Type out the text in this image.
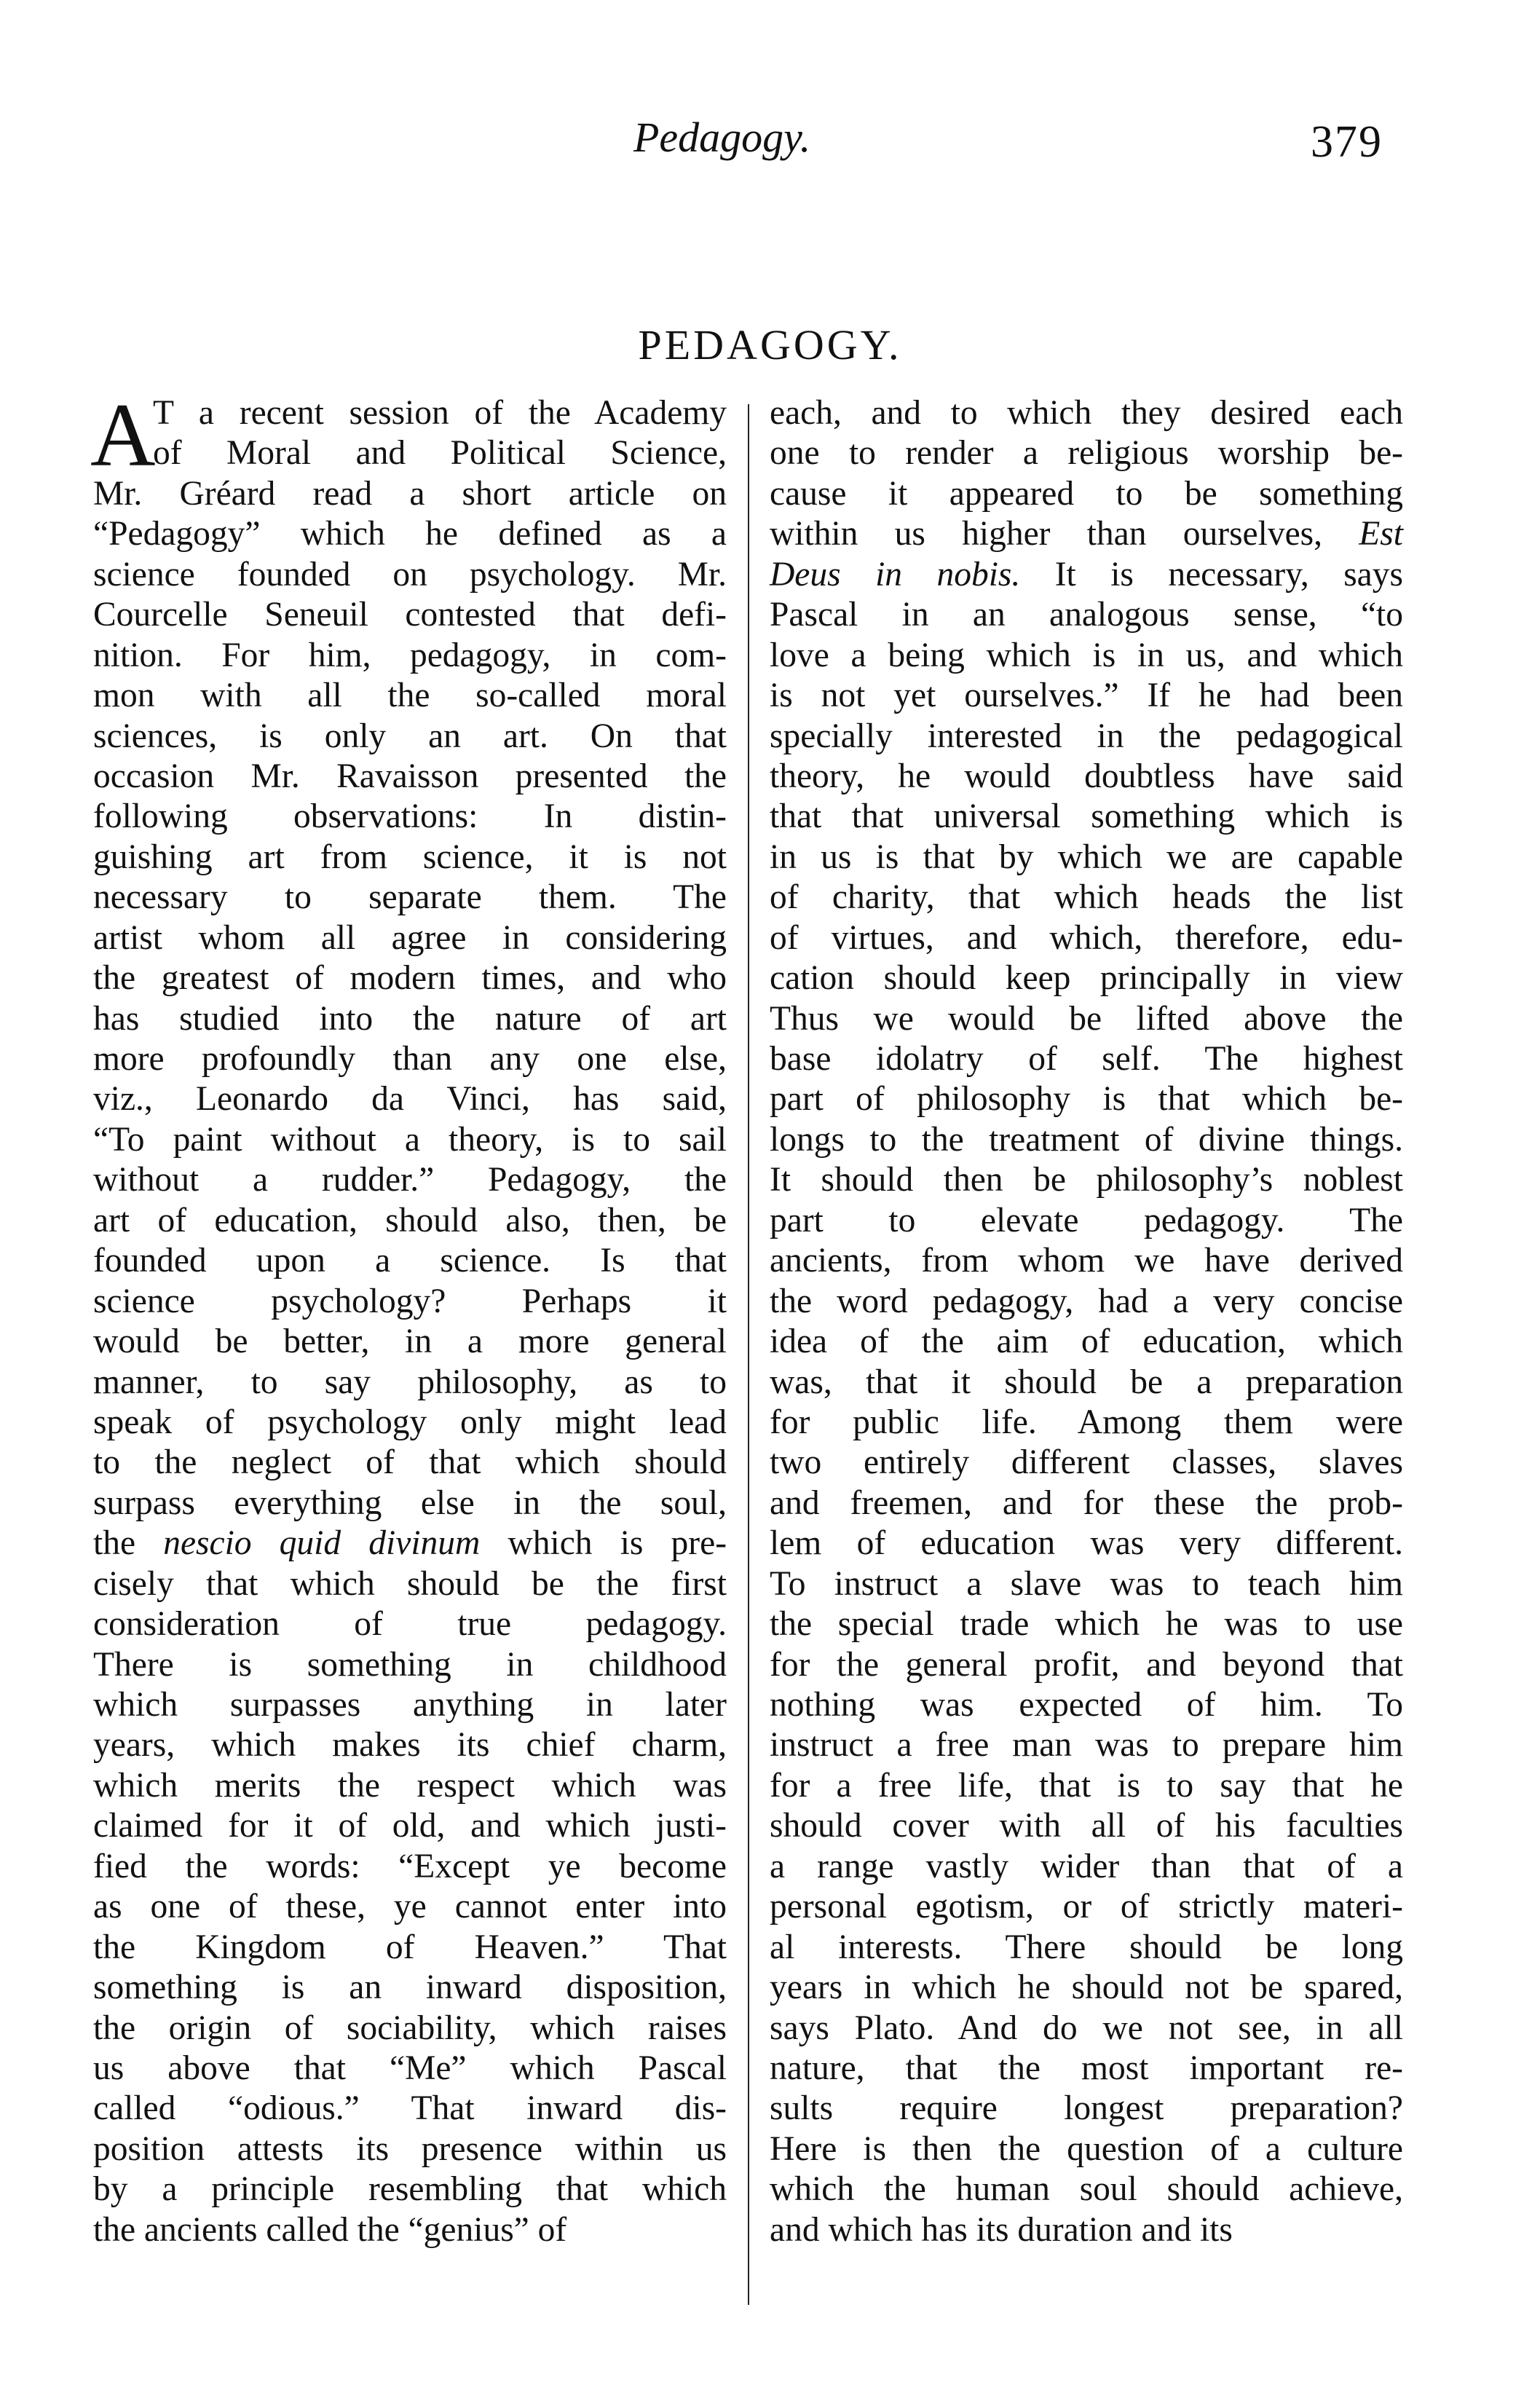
Pedagogy.	379
PEDAGOGY.
A
T a recent session of the Academy
of Moral and Political Science,
Mr. Gréard read a short article on
“Pedagogy” which he defined as a
science founded on psychology. Mr.
Courcelle Seneuil contested that defi-
nition. For him, pedagogy, in com-
mon with all the so-called moral
sciences, is only an art. On that
occasion Mr. Ravaisson presented the
following observations: In distin-
guishing art from science, it is not
necessary to separate them. The
artist whom all agree in considering
the greatest of modern times, and who
has studied into the nature of art
more profoundly than any one else,
viz., Leonardo da Vinci, has said,
“To paint without a theory, is to sail
without a rudder.” Pedagogy, the
art of education, should also, then, be
founded upon a science. Is that
science psychology? Perhaps it
would be better, in a more general
manner, to say philosophy, as to
speak of psychology only might lead
to the neglect of that which should
surpass everything else in the soul,
the nescio quid divinum which is pre-
cisely that which should be the first
consideration of true pedagogy.
There is something in childhood
which surpasses anything in later
years, which makes its chief charm,
which merits the respect which was
claimed for it of old, and which justi-
fied the words: “Except ye become
as one of these, ye cannot enter into
the Kingdom of Heaven.” That
something is an inward disposition,
the origin of sociability, which raises
us above that “Me” which Pascal
called “odious.” That inward dis-
position attests its presence within us
by a principle resembling that which
the ancients called the “genius” of
each, and to which they desired each
one to render a religious worship be-
cause it appeared to be something
within us higher than ourselves, Est
Deus in nobis. It is necessary, says
Pascal in an analogous sense, “to
love a being which is in us, and which
is not yet ourselves.” If he had been
specially interested in the pedagogical
theory, he would doubtless have said
that that universal something which is
in us is that by which we are capable
of charity, that which heads the list
of virtues, and which, therefore, edu-
cation should keep principally in view
Thus we would be lifted above the
base idolatry of self. The highest
part of philosophy is that which be-
longs to the treatment of divine things.
It should then be philosophy’s noblest
part to elevate pedagogy. The
ancients, from whom we have derived
the word pedagogy, had a very concise
idea of the aim of education, which
was, that it should be a preparation
for public life. Among them were
two entirely different classes, slaves
and freemen, and for these the prob-
lem of education was very different.
To instruct a slave was to teach him
the special trade which he was to use
for the general profit, and beyond that
nothing was expected of him. To
instruct a free man was to prepare him
for a free life, that is to say that he
should cover with all of his faculties
a range vastly wider than that of a
personal egotism, or of strictly materi-
al interests. There should be long
years in which he should not be spared,
says Plato. And do we not see, in all
nature, that the most important re-
sults require longest preparation?
Here is then the question of a culture
which the human soul should achieve,
and which has its duration and its
